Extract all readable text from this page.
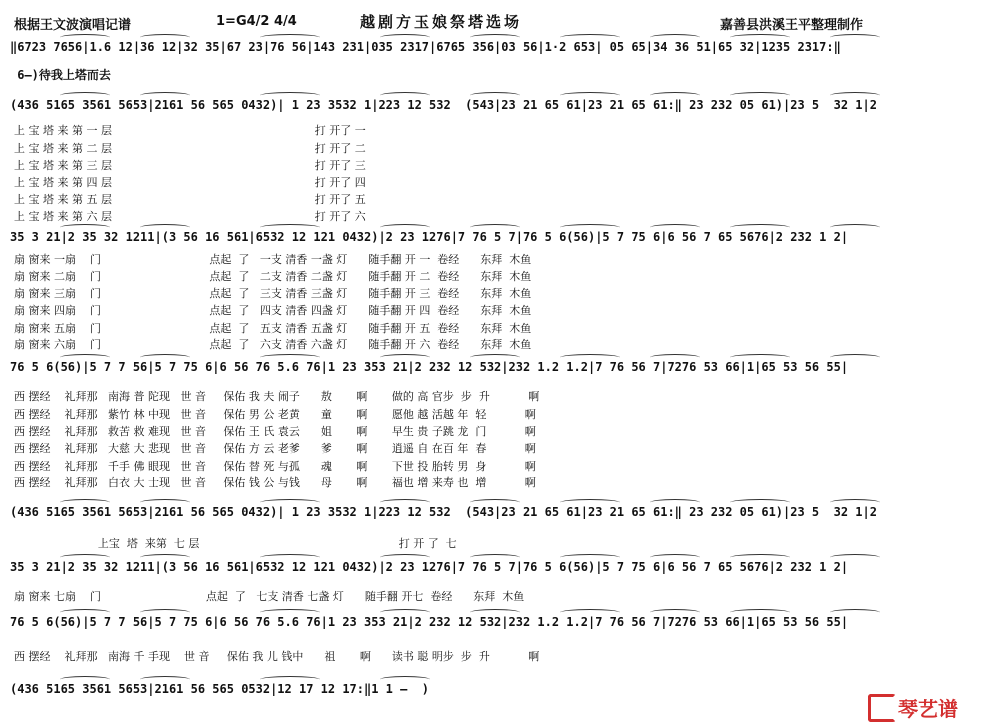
根据王文波演唱记谱	1=G4/2 4/4	越剧方玉娘祭塔选场	嘉善县洪溪王平整理制作
‖6723 7656|1.6 12|36 12|32 35|67 23|76 56|143 231|035 2317|6765 356|03 56|1·2 653| 05 65|34 36 51|65 32|1235 2317:‖
6—)待我上塔而去
(436 5165 3561 5653|2161 56 565 0432)| 1 23 3532 1|223 12 532  (543|23 21 65 61|23 21 65 61:‖ 23 232 05 61)|23 5  32 1|2
上 宝 塔 来 第 一 层                                                          打 开了 一
上 宝 塔 来 第 二 层                                                          打 开了 二
上 宝 塔 来 第 三 层                                                          打 开了 三
上 宝 塔 来 第 四 层                                                          打 开了 四
上 宝 塔 来 第 五 层                                                          打 开了 五
上 宝 塔 来 第 六 层                                                          打 开了 六
35 3 21|2 35 32 1211|(3 56 16 561|6532 12 121 0432)|2 23 1276|7 76 5 7|76 5 6(56)|5 7 75 6|6 56 7 65 5676|2 232 1 2|
扇 窗来 一扇    门                               点起  了   一支 清香 一盏 灯      随手翻 开 一  卷经      东拜  木鱼
扇 窗来 二扇    门                               点起  了   二支 清香 二盏 灯      随手翻 开 二  卷经      东拜  木鱼
扇 窗来 三扇    门                               点起  了   三支 清香 三盏 灯      随手翻 开 三  卷经      东拜  木鱼
扇 窗来 四扇    门                               点起  了   四支 清香 四盏 灯      随手翻 开 四  卷经      东拜  木鱼
扇 窗来 五扇    门                               点起  了   五支 清香 五盏 灯      随手翻 开 五  卷经      东拜  木鱼
扇 窗来 六扇    门                               点起  了   六支 清香 六盏 灯      随手翻 开 六  卷经      东拜  木鱼
76 5 6(56)|5 7 7 56|5 7 75 6|6 56 76 5.6 76|1 23 353 21|2 232 12 532|232 1.2 1.2|7 76 56 7|7276 53 66|1|65 53 56 55|
西 摆经    礼拜那   南海 普 陀现   世 音     保佑 我 夫 闹子      敖       啊       做的 高 官步  步  升           啊
西 摆经    礼拜那   紫竹 林 中现   世 音     保佑 男 公 老黄      童       啊       愿他 越 活越 年  轻           啊
西 摆经    礼拜那   救苦 救 难现   世 音     保佑 王 氏 袁云      姐       啊       早生 贵 子跳 龙  门           啊
西 摆经    礼拜那   大慈 大 悲现   世 音     保佑 方 云 老爹      爹       啊       逍遥 自 在百 年  春           啊
西 摆经    礼拜那   千手 佛 眼现   世 音     保佑 替 死 与孤      魂       啊       下世 投 胎转 男  身           啊
西 摆经    礼拜那   白衣 大 士现   世 音     保佑 钱 公 与钱      母       啊       福也 增 来寿 也  增           啊
(436 5165 3561 5653|2161 56 565 0432)| 1 23 3532 1|223 12 532  (543|23 21 65 61|23 21 65 61:‖ 23 232 05 61)|23 5  32 1|2
上宝  塔  来第  七 层                                                         打 开 了  七
35 3 21|2 35 32 1211|(3 56 16 561|6532 12 121 0432)|2 23 1276|7 76 5 7|76 5 6(56)|5 7 75 6|6 56 7 65 5676|2 232 1 2|
扇 窗来 七扇    门                              点起  了   七支 清香 七盏 灯      随手翻 开七  卷经      东拜  木鱼
76 5 6(56)|5 7 7 56|5 7 75 6|6 56 76 5.6 76|1 23 353 21|2 232 12 532|232 1.2 1.2|7 76 56 7|7276 53 66|1|65 53 56 55|
西 摆经    礼拜那   南海 千 手现    世 音     保佑 我 儿 钱中      祖       啊      读书 聪 明步  步  升           啊
(436 5165 3561 5653|2161 56 565 0532|12 17 12 17:‖1 1 —  )
琴艺谱
